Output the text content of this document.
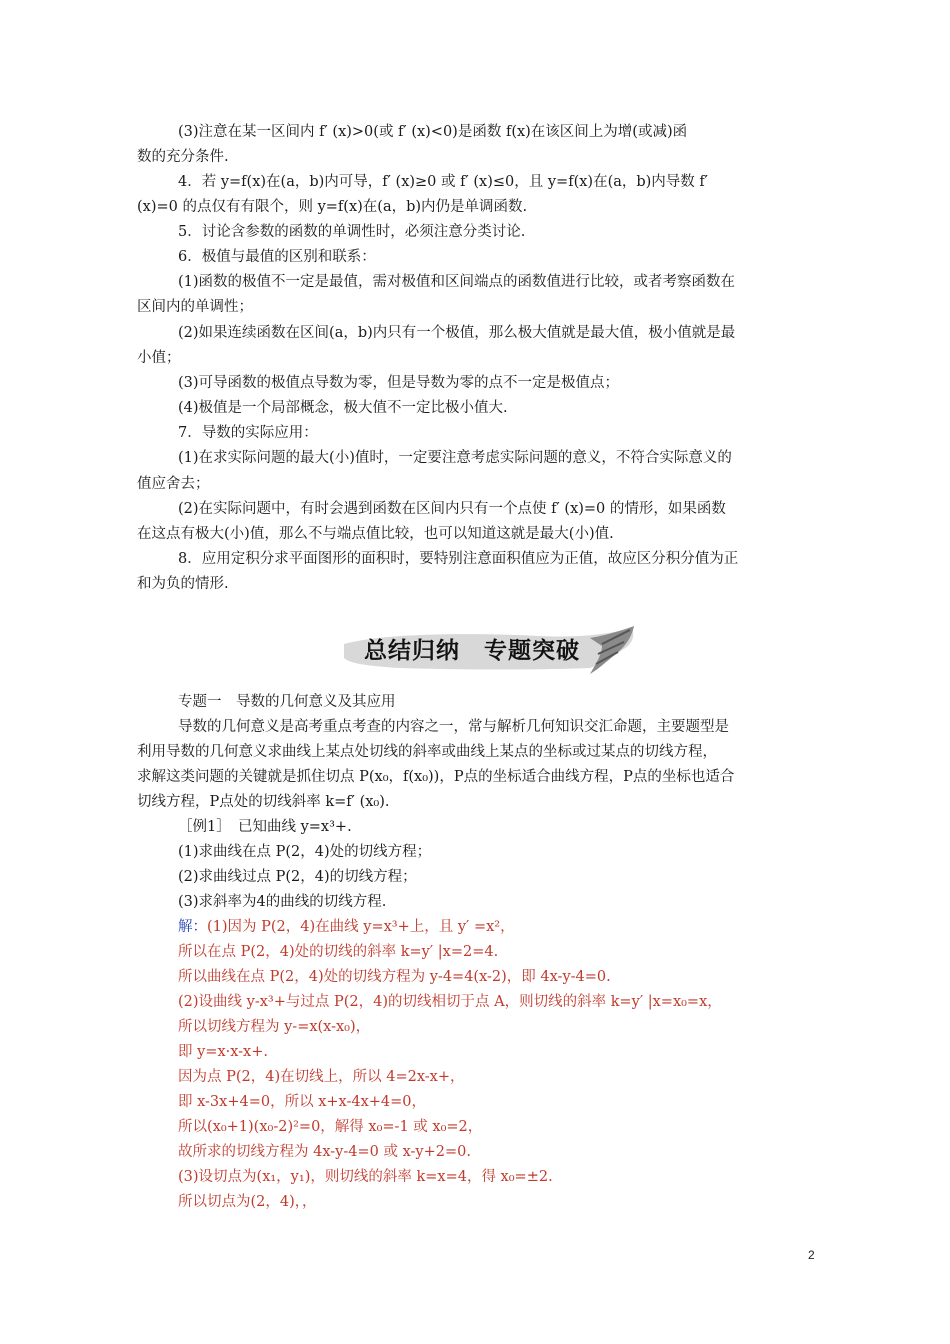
(3)注意在某一区间内 f′ (x)>0(或 f′ (x)<0)是函数 f(x)在该区间上为增(或减)函

数的充分条件.

4．若 y=f(x)在(a，b)内可导，f′ (x)≥0 或 f′ (x)≤0，且 y=f(x)在(a，b)内导数 f′

(x)=0 的点仅有有限个，则 y=f(x)在(a，b)内仍是单调函数.

5．讨论含参数的函数的单调性时，必须注意分类讨论.

6．极值与最值的区别和联系：

(1)函数的极值不一定是最值，需对极值和区间端点的函数值进行比较，或者考察函数在

区间内的单调性；

(2)如果连续函数在区间(a，b)内只有一个极值，那么极大值就是最大值，极小值就是最

小值；

(3)可导函数的极值点导数为零，但是导数为零的点不一定是极值点；

(4)极值是一个局部概念，极大值不一定比极小值大.

7．导数的实际应用：

(1)在求实际问题的最大(小)值时，一定要注意考虑实际问题的意义，不符合实际意义的

值应舍去；

(2)在实际问题中，有时会遇到函数在区间内只有一个点使 f′ (x)=0 的情形，如果函数

在这点有极大(小)值，那么不与端点值比较，也可以知道这就是最大(小)值.

8．应用定积分求平面图形的面积时，要特别注意面积值应为正值，故应区分积分值为正

和为负的情形.

总结归纳　专题突破

专题一　导数的几何意义及其应用

导数的几何意义是高考重点考查的内容之一，常与解析几何知识交汇命题，主要题型是

利用导数的几何意义求曲线上某点处切线的斜率或曲线上某点的坐标或过某点的切线方程，

求解这类问题的关键就是抓住切点 P(x₀，f(x₀))，P点的坐标适合曲线方程，P点的坐标也适合

切线方程，P点处的切线斜率 k=f′ (x₀).

［例1］　已知曲线 y=x³+.

(1)求曲线在点 P(2，4)处的切线方程；

(2)求曲线过点 P(2，4)的切线方程；

(3)求斜率为4的曲线的切线方程.

解：(1)因为 P(2，4)在曲线 y=x³+上，且 y′ =x²，

所以在点 P(2，4)处的切线的斜率 k=y′ |x=2=4.

所以曲线在点 P(2，4)处的切线方程为 y-4=4(x-2)，即 4x-y-4=0.

(2)设曲线 y-x³+与过点 P(2，4)的切线相切于点 A，则切线的斜率 k=y′ |x=x₀=x，

所以切线方程为 y-=x(x-x₀)，

即 y=x·x-x+.

因为点 P(2，4)在切线上，所以 4=2x-x+，

即 x-3x+4=0，所以 x+x-4x+4=0，

所以(x₀+1)(x₀-2)²=0，解得 x₀=-1 或 x₀=2，

故所求的切线方程为 4x-y-4=0 或 x-y+2=0.

(3)设切点为(x₁，y₁)，则切线的斜率 k=x=4，得 x₀=±2.

所以切点为(2，4)，，

2
